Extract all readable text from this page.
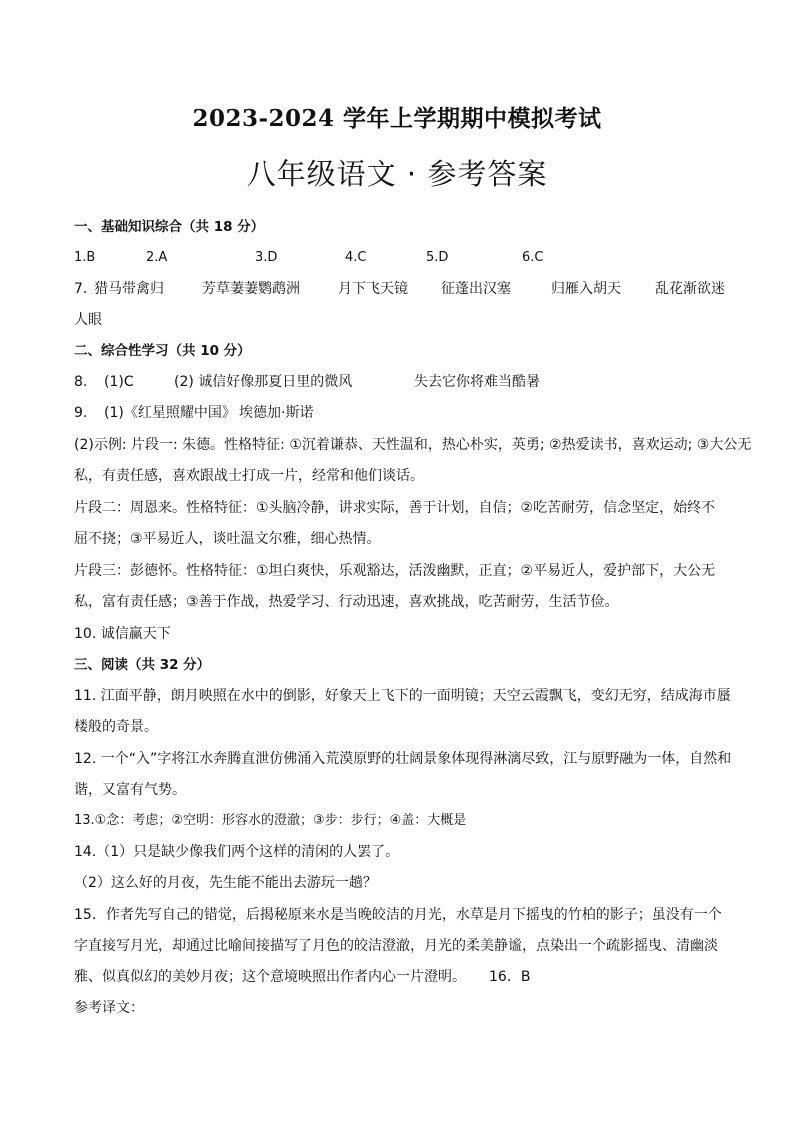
2023-2024 学年上学期期中模拟考试
八年级语文 · 参考答案
一、基础知识综合（共 18 分）
1.B	2.A	3.D	4.C	5.D	6.C
7. 猎马带禽归	芳草萋萋鹦鹉洲	月下飞天镜 征蓬出汉塞	归雁入胡天 乱花渐欲迷
人眼
二、综合性学习（共 10 分）
8. (1)C	(2) 诚信好像那夏日里的微风	失去它你将难当酷暑
9. (1)《红星照耀中国》 埃德加·斯诺
(2)示例: 片段一: 朱德。性格特征: ①沉着谦恭、天性温和，热心朴实，英勇; ②热爱读书，喜欢运动; ③大公无
私，有责任感，喜欢跟战士打成一片，经常和他们谈话。
片段二：周恩来。性格特征：①头脑冷静，讲求实际，善于计划，自信；②吃苦耐劳，信念坚定，始终不
屈不挠；③平易近人，谈吐温文尔雅，细心热情。
片段三：彭德怀。性格特征：①坦白爽快，乐观豁达，活泼幽默，正直；②平易近人，爱护部下，大公无
私，富有责任感；③善于作战，热爱学习、行动迅速，喜欢挑战，吃苦耐劳，生活节俭。
10. 诚信赢天下
三、阅读（共 32 分）
11. 江面平静，朗月映照在水中的倒影，好象天上飞下的一面明镜；天空云霞飘飞，变幻无穷，结成海市蜃
楼般的奇景。
12. 一个“入”字将江水奔腾直泄仿佛涌入荒漠原野的壮阔景象体现得淋漓尽致，江与原野融为一体，自然和
谐，又富有气势。
13.①念：考虑；②空明：形容水的澄澈；③步：步行；④盖：大概是
14.（1）只是缺少像我们两个这样的清闲的人罢了。
（2）这么好的月夜，先生能不能出去游玩一趟？
15．作者先写自己的错觉，后揭秘原来水是当晚皎洁的月光，水草是月下摇曳的竹柏的影子；虽没有一个
字直接写月光，却通过比喻间接描写了月色的皎洁澄澈，月光的柔美静谧，点染出一个疏影摇曳、清幽淡
雅、似真似幻的美妙月夜；这个意境映照出作者内心一片澄明。 16．B
参考译文：
